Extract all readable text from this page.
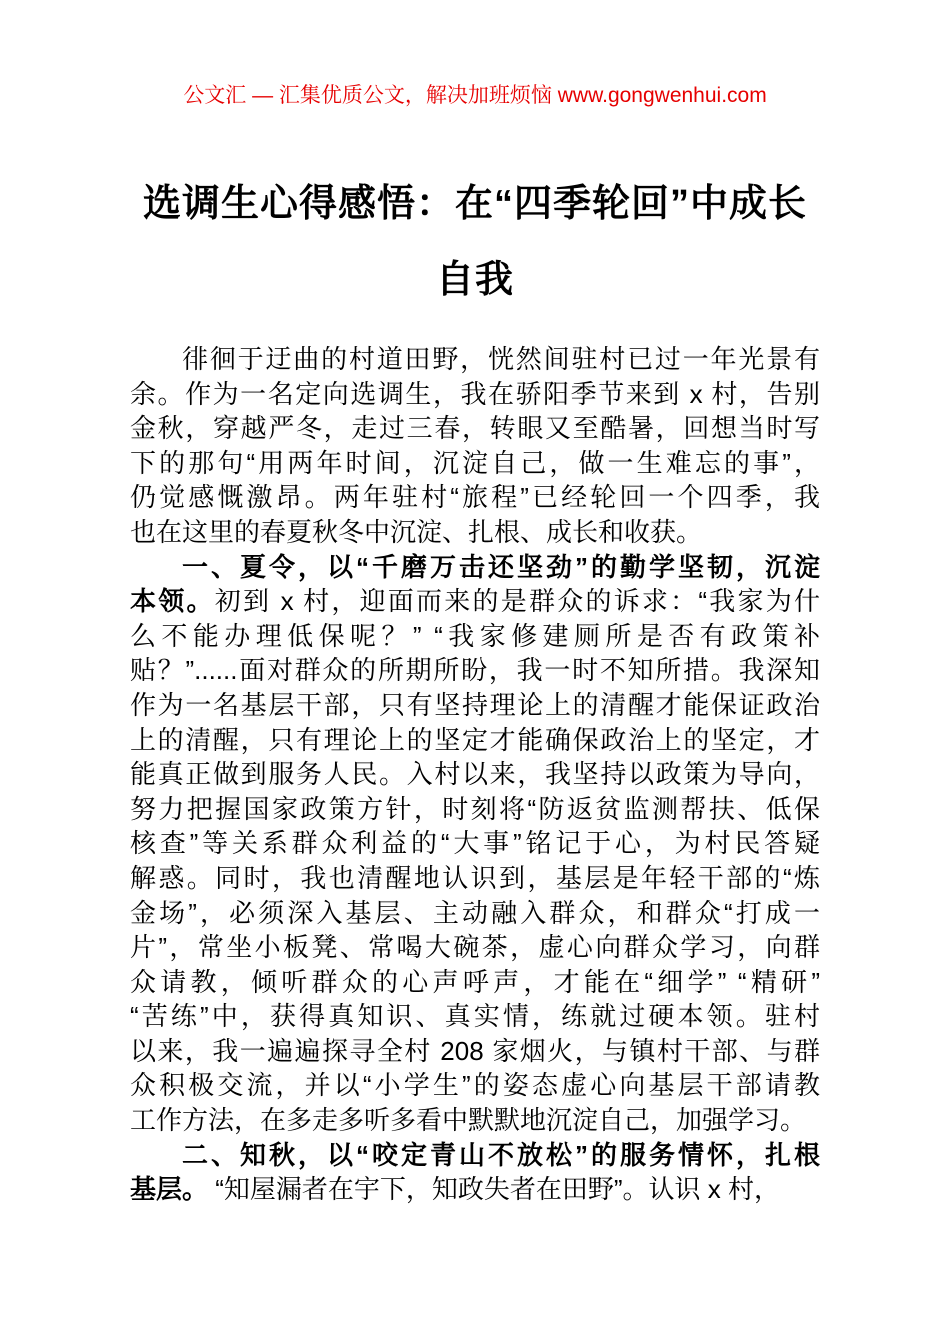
公文汇 — 汇集优质公文，解决加班烦恼 www.gongwenhui.com
选调生心得感悟：在“四季轮回”中成长
自我
徘徊于迂曲的村道田野，恍然间驻村已过一年光景有
余。作为一名定向选调生，我在骄阳季节来到 x 村，告别
金秋，穿越严冬，走过三春，转眼又至酷暑，回想当时写
下的那句“用两年时间，沉淀自己，做一生难忘的事”，
仍觉感慨激昂。两年驻村“旅程”已经轮回一个四季，我
也在这里的春夏秋冬中沉淀、扎根、成长和收获。
一、夏令，以“千磨万击还坚劲”的勤学坚韧，沉淀
本领。初到 x 村，迎面而来的是群众的诉求：“我家为什
么不能办理低保呢？” “我家修建厕所是否有政策补
贴？”......面对群众的所期所盼，我一时不知所措。我深知
作为一名基层干部，只有坚持理论上的清醒才能保证政治
上的清醒，只有理论上的坚定才能确保政治上的坚定，才
能真正做到服务人民。入村以来，我坚持以政策为导向，
努力把握国家政策方针，时刻将“防返贫监测帮扶、低保
核查”等关系群众利益的“大事”铭记于心，为村民答疑
解惑。同时，我也清醒地认识到，基层是年轻干部的“炼
金场”，必须深入基层、主动融入群众，和群众“打成一
片”，常坐小板凳、常喝大碗茶，虚心向群众学习，向群
众请教，倾听群众的心声呼声，才能在“细学” “精研”
“苦练”中，获得真知识、真实情，练就过硬本领。驻村
以来，我一遍遍探寻全村 208 家烟火，与镇村干部、与群
众积极交流，并以“小学生”的姿态虚心向基层干部请教
工作方法，在多走多听多看中默默地沉淀自己，加强学习。
二、知秋，以“咬定青山不放松”的服务情怀，扎根
基层。 “知屋漏者在宇下，知政失者在田野”。认识 x 村，
